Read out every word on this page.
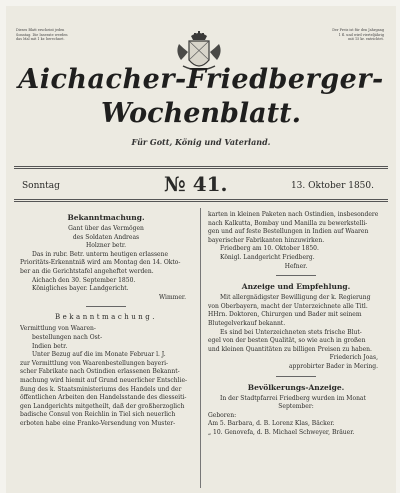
Dieses Blatt erscheint jeden
Sonntag. Die Inserate werden
das Mal mit 1 kr. berechnet.
Der Preis ist für den Jahrgang
1 fl. und wird vierteljährig
mit 15 kr. entrichtet.
Aichacher-Friedberger-
Wochenblatt.
Für Gott, König und Vaterland.
Sonntag	№ 41.	13. Oktober 1850.
Bekanntmachung.
Gant über das Vermögen
des Soldaten Andreas
Holzner betr.
Das in rubr. Betr. unterm heutigen erlassene
Prioritäts-Erkenntniß wird am Montag den 14. Okto-
ber an die Gerichtstafel angeheftet werden.
Aichach den 30. September 1850.
Königliches bayer. Landgericht.
Wimmer.
Bekanntmachung.
Vermittlung von Waaren-
bestellungen nach Ost-
Indien betr.
Unter Bezug auf die im Monate Februar l. J.
zur Vermittlung von Waarenbestellungen bayeri-
scher Fabrikate nach Ostindien erlassenen Bekannt-
machung wird hiemit auf Grund neuerlicher Entschlie-
ßung des k. Staatsministeriums des Handels und der
öffentlichen Arbeiten den Handelsstande des diesseiti-
gen Landgerichts mitgetheilt, daß der großherzoglich
badische Consul von Reichlin in Tiel sich neuerlich
erboten habe eine Franko-Versendung von Muster-
karten in kleinen Paketen nach Ostindien, insbesondere
nach Kalkutta, Bombay und Manilla zu bewerkstelli-
gen und auf feste Bestellungen in Indien auf Waaren
bayerischer Fabrikanten hinzuwirken.
Friedberg am 10. Oktober 1850.
Königl. Landgericht Friedberg.
Hefner.
Anzeige und Empfehlung.
Mit allergnädigster Bewilligung der k. Regierung
von Oberbayern, macht der Unterzeichnete alle Titl.
HHrn. Doktoren, Chirurgen und Bader mit seinem
Blutegelverkauf bekannt.
Es sind bei Unterzeichneten stets frische Blut-
egel von der besten Qualität, so wie auch in großen
und kleinen Quantitäten zu billigen Preisen zu haben.
Friederich Joas,
approbirter Bader in Mering.
Bevölkerungs-Anzeige.
In der Stadtpfarrei Friedberg wurden im Monat
September:
Geboren:
Am 5. Barbara, d. B. Lorenz Klas, Bäcker.
„ 10. Genovefa, d. B. Michael Schweyer, Bräuer.
